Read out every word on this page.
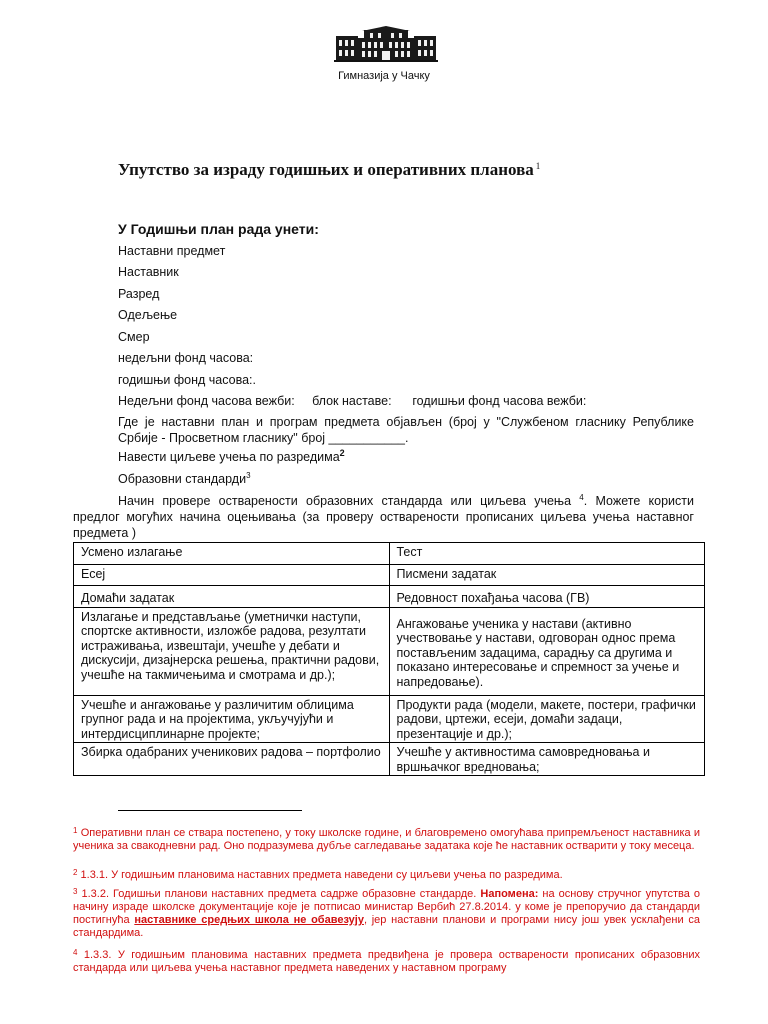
Гимназија у Чачку
Упутство за израду годишњих и оперативних планова $^1$
У Годишњи план рада унети:
Наставни предмет
Наставник
Разред
Одељење
Смер
недељни фонд часова:
годишњи фонд часова:.
Недељни фонд часова вежби:     блок наставе:      годишњи фонд часова вежби:
Где је наставни план и програм предмета објављен (број у "Службеном гласнику Републике Србије - Просветном гласнику" број ___________.
Навести циљеве учења по разредима$^2$
Образовни стандарди$^3$
Начин провере остварености образовних стандарда или циљева учења $^4$. Можете користи предлог могућих начина оцењивања (за проверу остварености прописаних циљева учења наставног предмета )
Усмено излагање	Тест
Есеј	Писмени задатак
Домаћи задатак	Редовност похађања часова (ГВ)
Излагање и представљање (уметнички наступи, спортске активности, изложбе радова, резултати истраживања, извештаји, учешће у дебати и дискусији, дизајнерска решења, практични радови, учешће на такмичењима и смотрама и др.);	Ангажовање ученика у настави (активно учествовање у настави, одговоран однос према постављеним задацима, сарадњу са другима и показано интересовање и спремност за учење и напредовање).
Учешће и ангажовање у различитим облицима групног рада и на пројектима, укључујући и интердисциплинарне пројекте;	Продукти рада (модели, макете, постери, графички радови, цртежи, есеји, домаћи задаци, презентације и др.);
Збирка одабраних ученикових радова – портфолио	Учешће у активностима самовредновања и вршњачког вредновања;
$^1$ Оперативни план се ствара постепено, у току школске године, и благовремено омогућава припремљеност наставника и ученика за свакодневни рад. Оно подразумева дубље сагледавање задатака које ће наставник остварити у току месеца.
$^2$ 1.3.1. У годишњим плановима наставних предмета наведени су циљеви учења по разредима.
$^3$ 1.3.2. Годишњи планови наставних предмета садрже образовне стандарде. Напомена: на основу стручног упутства о начину израде школске документације које је потписао министар Вербић 27.8.2014. у коме је препоручио да стандарди постигнућа наставнике средњих школа не обавезују, јер наставни планови и програми нису још увек усклађени са стандардима.
$^4$ 1.3.3. У годишњим плановима наставних предмета предвиђена је провера остварености прописаних образовних стандарда или циљева учења наставног предмета наведених у наставном програму
